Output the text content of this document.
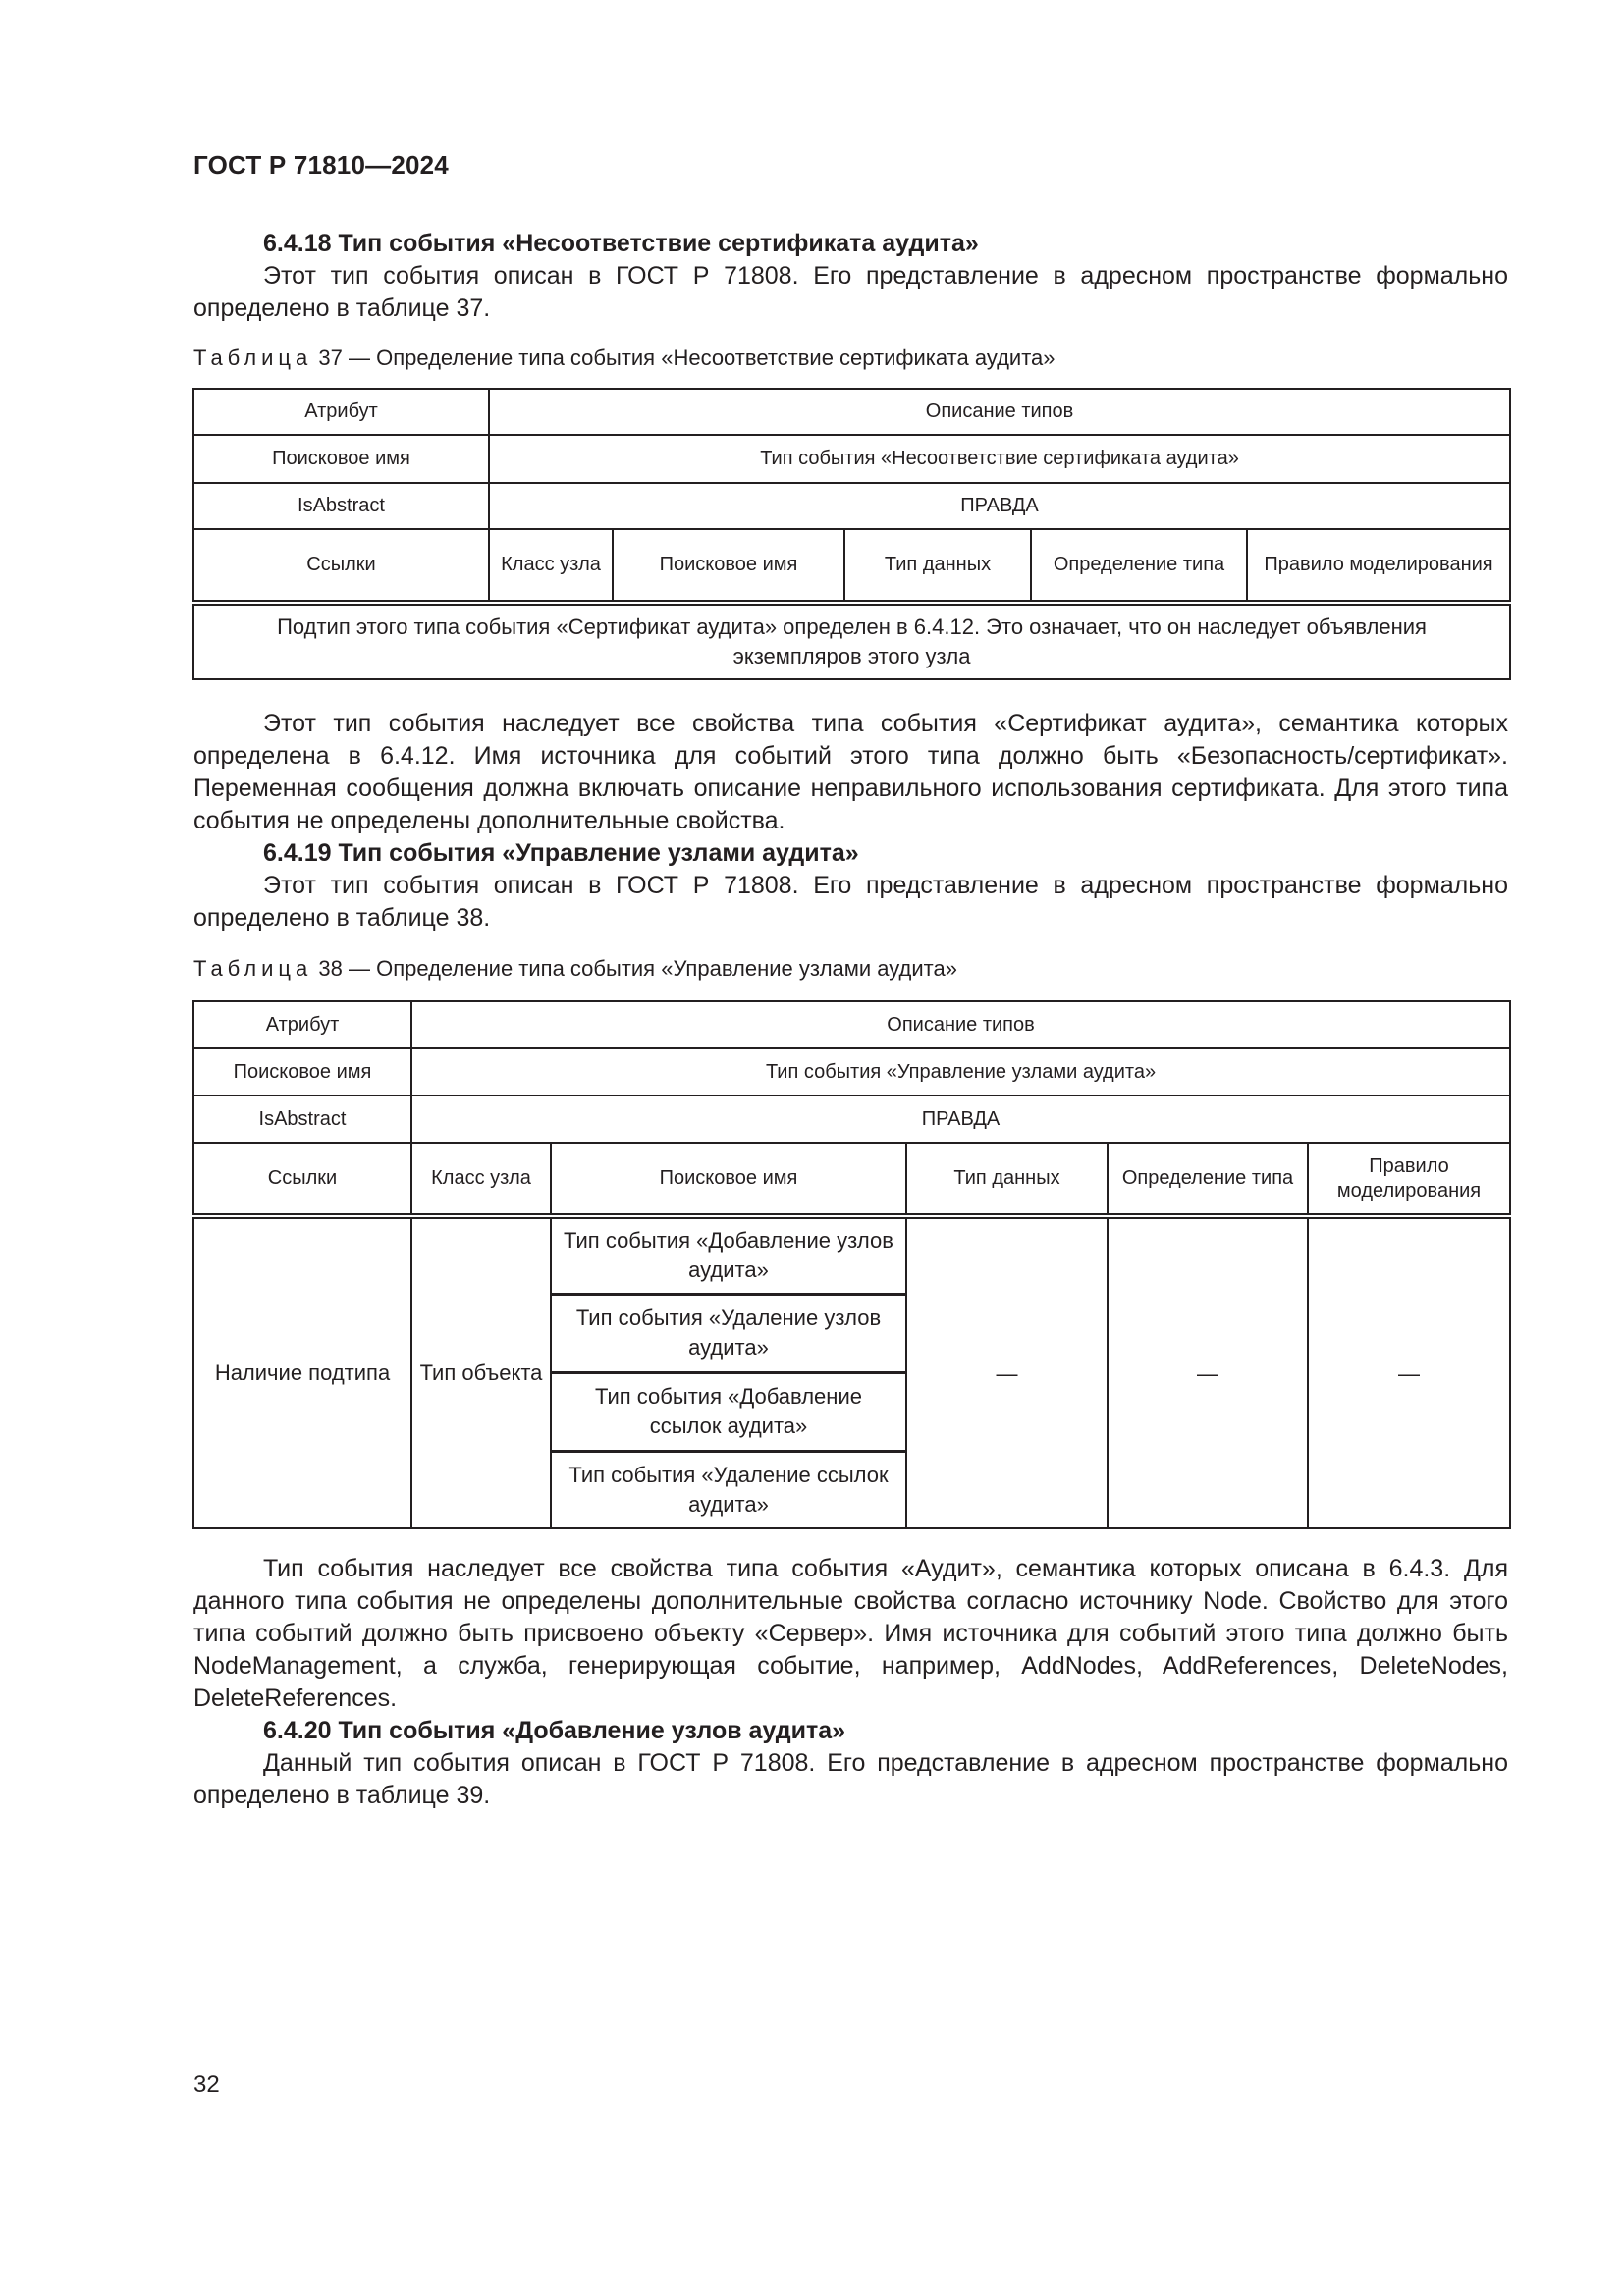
ГОСТ Р 71810—2024

6.4.18 Тип события «Несоответствие сертификата аудита»

Этот тип события описан в ГОСТ Р 71808. Его представление в адресном пространстве формально определено в таблице 37.

Таблица 37 — Определение типа события «Несоответствие сертификата аудита»
Атрибут	Описание типов				
Поисковое имя	Тип события «Несоответствие сертификата аудита»				
IsAbstract	ПРАВДА				
Ссылки	Класс узла	Поисковое имя	Тип данных	Определение типа	Правило моделирования
Подтип этого типа события «Сертификат аудита» определен в 6.4.12. Это означает, что он наследует объявления экземпляров этого узла					

Этот тип события наследует все свойства типа события «Сертификат аудита», семантика которых определена в 6.4.12. Имя источника для событий этого типа должно быть «Безопасность/сертификат». Переменная сообщения должна включать описание неправильного использования сертификата. Для этого типа события не определены дополнительные свойства.

6.4.19 Тип события «Управление узлами аудита»

Этот тип события описан в ГОСТ Р 71808. Его представление в адресном пространстве формально определено в таблице 38.

Таблица 38 — Определение типа события «Управление узлами аудита»
Атрибут	Описание типов				
Поисковое имя	Тип события «Управление узлами аудита»				
IsAbstract	ПРАВДА				
Ссылки	Класс узла	Поисковое имя	Тип данных	Определение типа	Правило моделирования
Наличие подтипа	Тип объекта	Тип события «Добавление узлов аудита»	—	—	—
		Тип события «Удаление узлов аудита»			
		Тип события «Добавление ссылок аудита»			
		Тип события «Удаление ссылок аудита»			

Тип события наследует все свойства типа события «Аудит», семантика которых описана в 6.4.3. Для данного типа события не определены дополнительные свойства согласно источнику Node. Свойство для этого типа событий должно быть присвоено объекту «Сервер». Имя источника для событий этого типа должно быть NodeManagement, а служба, генерирующая событие, например, AddNodes, AddReferences, DeleteNodes, DeleteReferences.

6.4.20 Тип события «Добавление узлов аудита»

Данный тип события описан в ГОСТ Р 71808. Его представление в адресном пространстве формально определено в таблице 39.

32
